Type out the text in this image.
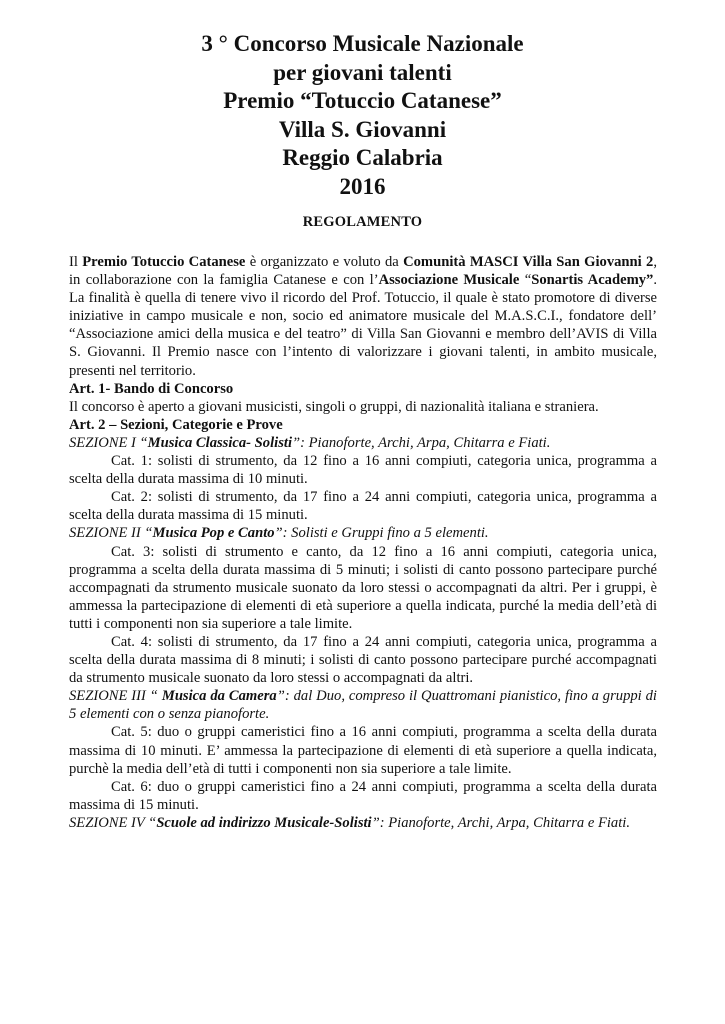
3 ° Concorso Musicale Nazionale

per giovani talenti

Premio “Totuccio Catanese”

Villa S. Giovanni

Reggio Calabria

2016

REGOLAMENTO

Il Premio Totuccio Catanese è organizzato e voluto da Comunità MASCI Villa San Giovanni 2, in collaborazione con la famiglia Catanese e con l’Associazione Musicale “Sonartis Academy”. La finalità è quella di tenere vivo il ricordo del Prof. Totuccio, il quale è stato promotore di diverse iniziative in campo musicale e non, socio ed animatore musicale del M.A.S.C.I., fondatore dell’ “Associazione amici della musica e del teatro” di Villa San Giovanni e membro dell’AVIS di Villa S. Giovanni. Il Premio nasce con l’intento di valorizzare i giovani talenti, in ambito musicale, presenti nel territorio.

Art. 1- Bando di Concorso

Il concorso è aperto a giovani musicisti, singoli o gruppi, di nazionalità italiana e straniera.

Art. 2 – Sezioni, Categorie e Prove

SEZIONE I “Musica Classica- Solisti”: Pianoforte, Archi, Arpa, Chitarra e Fiati.

Cat. 1: solisti di strumento, da 12 fino a 16 anni compiuti, categoria unica, programma a scelta della durata massima di 10 minuti.

Cat. 2: solisti di strumento, da 17 fino a 24 anni compiuti, categoria unica, programma a scelta della durata massima di 15 minuti.

SEZIONE II “Musica Pop e Canto”: Solisti e Gruppi fino a 5 elementi.

Cat. 3: solisti di strumento e canto, da 12 fino a 16 anni compiuti, categoria unica, programma a scelta della durata massima di 5 minuti; i solisti di canto possono partecipare purché accompagnati da strumento musicale suonato da loro stessi o accompagnati da altri. Per i gruppi, è ammessa la partecipazione di elementi di età superiore a quella indicata, purché la media dell’età di tutti i componenti non sia superiore a tale limite.

Cat. 4: solisti di strumento, da 17 fino a 24 anni compiuti, categoria unica, programma a scelta della durata massima di 8 minuti; i solisti di canto possono partecipare purché accompagnati da strumento musicale suonato da loro stessi o accompagnati da altri.

SEZIONE III “ Musica da Camera”: dal Duo, compreso il Quattromani pianistico, fino a gruppi di 5 elementi con o senza pianoforte.

Cat. 5: duo o gruppi cameristici fino a 16 anni compiuti, programma a scelta della durata massima di 10 minuti. E’ ammessa la partecipazione di elementi di età superiore a quella indicata, purchè la media dell’età di tutti i componenti non sia superiore a tale limite.

Cat. 6: duo o gruppi cameristici fino a 24 anni compiuti, programma a scelta della durata massima di 15 minuti.

SEZIONE IV “Scuole ad indirizzo Musicale-Solisti”: Pianoforte, Archi, Arpa, Chitarra e Fiati.
